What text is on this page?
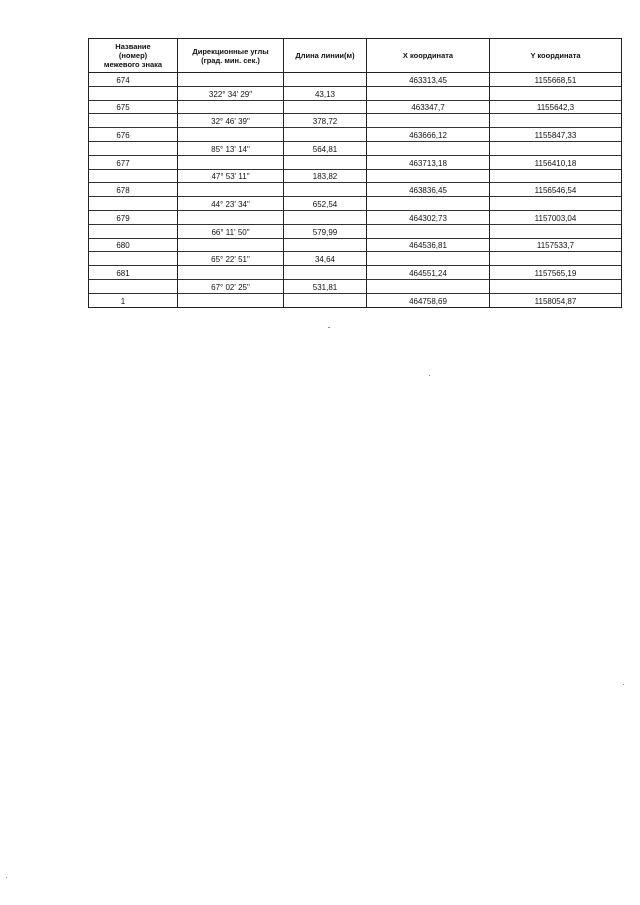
Название
(номер)
межевого знака	Дирекционные углы
(град. мин. сек.)	Длина линии(м)	X координата	Y координата

674			463313,45	1155668,51
	322° 34' 29"	43,13		
675			463347,7	1155642,3
	32° 46' 39"	378,72		
676			463666,12	1155847,33
	85° 13' 14"	564,81		
677			463713,18	1156410,18
	47° 53' 11"	183,82		
678			463836,45	1156546,54
	44° 23' 34"	652,54		
679			464302,73	1157003,04
	66° 11' 50"	579,99		
680			464536,81	1157533,7
	65° 22' 51"	34,64		
681			464551,24	1157565,19
	67° 02' 25"	531,81		
1			464758,69	1158054,87
